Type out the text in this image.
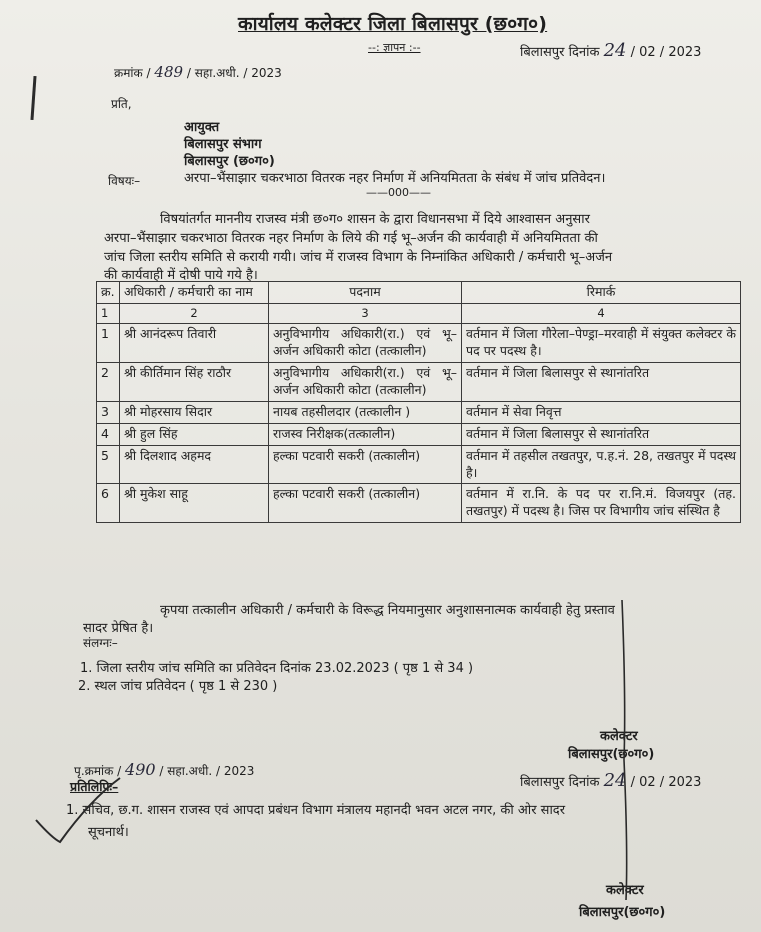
कार्यालय कलेक्टर जिला बिलासपुर (छ०ग०)
--: ज्ञापन :--	बिलासपुर दिनांक 24 / 02 / 2023
क्रमांक / 489 / सहा.अधी. / 2023
प्रति,
आयुक्त
बिलासपुर संभाग
बिलासपुर (छ०ग०)
विषयः–	अरपा–भैंसाझार चकरभाठा वितरक नहर निर्माण में अनियमितता के संबंध में जांच प्रतिवेदन।
——000——
विषयांतर्गत माननीय राजस्व मंत्री छ०ग० शासन के द्वारा विधानसभा में दिये आश्वासन अनुसार
अरपा–भैंसाझार चकरभाठा वितरक नहर निर्माण के लिये की गई भू–अर्जन की कार्यवाही में अनियमितता की
जांच जिला स्तरीय समिति से करायी गयी। जांच में राजस्व विभाग के निम्नांकित अधिकारी / कर्मचारी भू–अर्जन
की कार्यवाही में दोषी पाये गये है।
क्र.	अधिकारी / कर्मचारी का नाम	पदनाम	रिमार्क
1	2	3	4
1	श्री आनंदरूप तिवारी	अनुविभागीय अधिकारी(रा.) एवं भू–अर्जन अधिकारी कोटा (तत्कालीन)	वर्तमान में जिला गौरेला–पेण्ड्रा–मरवाही में संयुक्त कलेक्टर के पद पर पदस्थ है।
2	श्री कीर्तिमान सिंह राठौर	अनुविभागीय अधिकारी(रा.) एवं भू–अर्जन अधिकारी कोटा (तत्कालीन)	वर्तमान में जिला बिलासपुर से स्थानांतरित
3	श्री मोहरसाय सिदार	नायब तहसीलदार (तत्कालीन )	वर्तमान में सेवा निवृत्त
4	श्री हुल सिंह	राजस्व निरीक्षक(तत्कालीन)	वर्तमान में जिला बिलासपुर से स्थानांतरित
5	श्री दिलशाद अहमद	हल्का पटवारी सकरी (तत्कालीन)	वर्तमान में तहसील तखतपुर, प.ह.नं. 28, तखतपुर में पदस्थ है।
6	श्री मुकेश साहू	हल्का पटवारी सकरी (तत्कालीन)	वर्तमान में रा.नि. के पद पर रा.नि.मं. विजयपुर (तह. तखतपुर) में पदस्थ है। जिस पर विभागीय जांच संस्थित है
कृपया तत्कालीन अधिकारी / कर्मचारी के विरूद्ध नियमानुसार अनुशासनात्मक कार्यवाही हेतु प्रस्ताव
सादर प्रेषित है।
संलग्नः–
1. जिला स्तरीय जांच समिति का प्रतिवेदन दिनांक 23.02.2023 ( पृष्ठ 1 से 34 )
2. स्थल जांच प्रतिवेदन ( पृष्ठ 1 से 230 )
कलेक्टर
बिलासपुर(छ०ग०)
पृ.क्रमांक / 490 / सहा.अधी. / 2023
बिलासपुर दिनांक 24 / 02 / 2023
प्रतिलिपिः–
1. सचिव, छ.ग. शासन राजस्व एवं आपदा प्रबंधन विभाग मंत्रालय महानदी भवन अटल नगर, की ओर सादर
सूचनार्थ।
कलेक्टर
बिलासपुर(छ०ग०)
